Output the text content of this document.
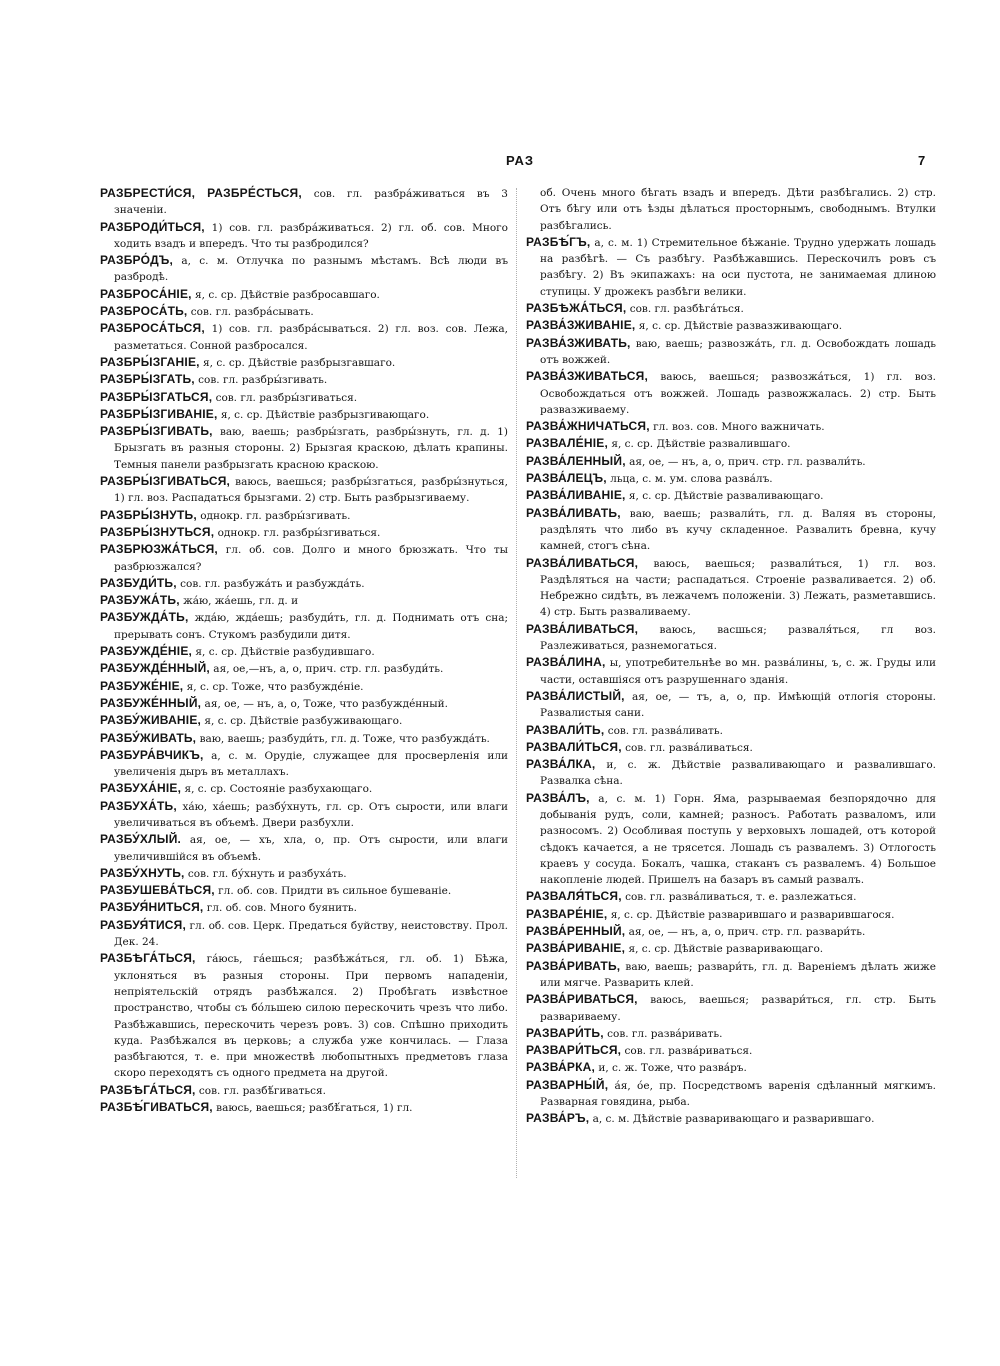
РАЗ	7

РАЗБРЕСТИ́СЯ, РАЗБРЕ́СТЬСЯ, сов. гл. разбра́живаться въ 3 значеніи.

РАЗБРОДИ́ТЬСЯ, 1) сов. гл. разбра́живаться. 2) гл. об. сов. Много ходить взадъ и впередъ. Что ты разбродился?

РАЗБРО́ДЪ, а, с. м. Отлучка по разнымъ мѣстамъ. Всѣ люди въ разбродѣ.

РАЗБРОСА́НІЕ, я, с. ср. Дѣйствіе разбросавшаго.

РАЗБРОСА́ТЬ, сов. гл. разбра́сывать.

РАЗБРОСА́ТЬСЯ, 1) сов. гл. разбра́сываться. 2) гл. воз. сов. Лежа, разметаться. Сонной разбросался.

РАЗБРЫ́ЗГАНІЕ, я, с. ср. Дѣйствіе разбрызгавшаго.

РАЗБРЫ́ЗГАТЬ, сов. гл. разбры́згивать.

РАЗБРЫ́ЗГАТЬСЯ, сов. гл. разбры́згиваться.

РАЗБРЫ́ЗГИВАНІЕ, я, с. ср. Дѣйствіе разбрызгивающаго.

РАЗБРЫ́ЗГИВАТЬ, ваю, ваешь; разбры́згать, разбры́знуть, гл. д. 1) Брызгать въ разныя стороны. 2) Брызгая краскою, дѣлать крапины. Темныя панели разбрызгать красною краскою.

РАЗБРЫ́ЗГИВАТЬСЯ, ваюсь, ваешься; разбры́згаться, разбры́знуться, 1) гл. воз. Распадаться брызгами. 2) стр. Быть разбрызгиваему.

РАЗБРЫ́ЗНУТЬ, однокр. гл. разбры́згивать.

РАЗБРЫ́ЗНУТЬСЯ, однокр. гл. разбры́згиваться.

РАЗБРЮЗЖА́ТЬСЯ, гл. об. сов. Долго и много брюзжать. Что ты разбрюзжался?

РАЗБУДИ́ТЬ, сов. гл. разбужа́ть и разбужда́ть.

РАЗБУЖА́ТЬ, жа́ю, жа́ешь, гл. д. и

РАЗБУЖДА́ТЬ, жда́ю, жда́ешь; разбуди́ть, гл. д. Поднимать отъ сна; прерывать сонъ. Стукомъ разбудили дитя.

РАЗБУЖДЕ́НІЕ, я, с. ср. Дѣйствіе разбудившаго.

РАЗБУЖДЕ́ННЫЙ, ая, ое,—нъ, а, о, прич. стр. гл. разбуди́ть.

РАЗБУЖЕ́НІЕ, я, с. ср. Тоже, что разбужде́ніе.

РАЗБУЖЕ́ННЫЙ, ая, ое, — нъ, а, о, Тоже, что разбужде́нный.

РАЗБУ́ЖИВАНІЕ, я, с. ср. Дѣйствіе разбуживающаго.

РАЗБУ́ЖИВАТЬ, ваю, ваешь; разбуди́ть, гл. д. Тоже, что разбужда́ть.

РАЗБУРА́ВЧИКЪ, а, с. м. Орудіе, служащее для просверленія или увеличенія дыръ въ металлахъ.

РАЗБУХА́НІЕ, я, с. ср. Состояніе разбухающаго.

РАЗБУХА́ТЬ, ха́ю, ха́ешь; разбу́хнуть, гл. ср. Отъ сырости, или влаги увеличиваться въ объемѣ. Двери разбухли.

РАЗБУ́ХЛЫЙ. ая, ое, — хъ, хла, о, пр. Отъ сырости, или влаги увеличившійся въ объемѣ.

РАЗБУ́ХНУТЬ, сов. гл. бу́хнуть и разбуха́ть.

РАЗБУШЕВА́ТЬСЯ, гл. об. сов. Придти въ сильное бушеваніе.

РАЗБУЯ́НИТЬСЯ, гл. об. сов. Много буянить.

РАЗБУЯ́ТИСЯ, гл. об. сов. Церк. Предаться буйству, неистовству. Прол. Дек. 24.

РАЗБѢГА́ТЬСЯ, га́юсь, га́ешься; разбѣжа́ться, гл. об. 1) Бѣжа, уклоняться въ разныя стороны. При первомъ нападеніи, непріятельскій отрядъ разбѣжался. 2) Пробѣгать извѣстное пространство, чтобы съ бо́льшею силою перескочить чрезъ что либо. Разбѣжавшись, перескочить черезъ ровъ. 3) сов. Спѣшно приходить куда. Разбѣжался въ церковь; а служба уже кончилась. — Глаза разбѣгаются, т. е. при множествѣ любопытныхъ предметовъ глаза скоро переходятъ съ одного предмета на другой.

РАЗБѢГА́ТЬСЯ, сов. гл. разбѣ́гиваться.

РАЗБѢ́ГИВАТЬСЯ, ваюсь, ваешься; разбѣ́гаться, 1) гл.

об. Очень много бѣгать взадъ и впередъ. Дѣти разбѣгались. 2) стр. Отъ бѣгу или отъ ѣзды дѣлаться просторнымъ, свободнымъ. Втулки разбѣгались.

РАЗБѢ́ГЪ, а, с. м. 1) Стремительное бѣжаніе. Трудно удержать лошадь на разбѣгѣ. — Съ разбѣгу. Разбѣжавшись. Перескочилъ ровъ съ разбѣгу. 2) Въ экипажахъ: на оси пустота, не занимаемая длиною ступицы. У дрожекъ разбѣги велики.

РАЗБѢЖА́ТЬСЯ, сов. гл. разбѣга́ться.

РАЗВА́ЗЖИВАНІЕ, я, с. ср. Дѣйствіе развазживающаго.

РАЗВА́ЗЖИВАТЬ, ваю, ваешь; развозжа́ть, гл. д. Освобождать лошадь отъ вожжей.

РАЗВА́ЗЖИВАТЬСЯ, ваюсь, ваешься; развозжа́ться, 1) гл. воз. Освобождаться отъ вожжей. Лошадь развожжалась. 2) стр. Быть развазживаему.

РАЗВА́ЖНИЧАТЬСЯ, гл. воз. сов. Много важничать.

РАЗВАЛЕ́НІЕ, я, с. ср. Дѣйствіе развалившаго.

РАЗВА́ЛЕННЫЙ, ая, ое, — нъ, а, о, прич. стр. гл. развали́ть.

РАЗВА́ЛЕЦЪ, льца, с. м. ум. слова разва́лъ.

РАЗВА́ЛИВАНІЕ, я, с. ср. Дѣйствіе разваливающаго.

РАЗВА́ЛИВАТЬ, ваю, ваешь; развали́ть, гл. д. Валяя въ стороны, раздѣлять что либо въ кучу складенное. Развалить бревна, кучу камней, стогъ сѣна.

РАЗВА́ЛИВАТЬСЯ, ваюсь, ваешься; развали́ться, 1) гл. воз. Раздѣляться на части; распадаться. Строеніе разваливается. 2) об. Небрежно сидѣть, въ лежачемъ положеніи. 3) Лежать, разметавшись. 4) стр. Быть разваливаему.

РАЗВА́ЛИВАТЬСЯ, ваюсь, васшься; разваля́ться, гл воз. Разлеживаться, разнемогаться.

РАЗВА́ЛИНА, ы, употребительнѣе во мн. разва́лины, ъ, с. ж. Груды или части, оставшіяся отъ разрушеннаго зданія.

РАЗВА́ЛИСТЫЙ, ая, ое, — тъ, а, о, пр. Имѣющій отлогія стороны. Развалистыя сани.

РАЗВАЛИ́ТЬ, сов. гл. разва́ливать.

РАЗВАЛИ́ТЬСЯ, сов. гл. разва́ливаться.

РАЗВА́ЛКА, и, с. ж. Дѣйствіе разваливающаго и развалившаго. Развалка сѣна.

РАЗВА́ЛЪ, а, с. м. 1) Горн. Яма, разрываемая безпорядочно для добыванія рудъ, соли, камней; разносъ. Работать разваломъ, или разносомъ. 2) Особливая поступь у верховыхъ лошадей, отъ которой сѣдокъ качается, а не трясется. Лошадь съ развалемъ. 3) Отлогость краевъ у сосуда. Бокалъ, чашка, стаканъ съ развалемъ. 4) Большое накопленіе людей. Пришелъ на базаръ въ самый развалъ.

РАЗВАЛЯ́ТЬСЯ, сов. гл. разва́ливаться, т. е. разлежаться.

РАЗВАРЕ́НІЕ, я, с. ср. Дѣйствіе разварившаго и разварившагося.

РАЗВА́РЕННЫЙ, ая, ое, — нъ, а, о, прич. стр. гл. развари́ть.

РАЗВА́РИВАНІЕ, я, с. ср. Дѣйствіе разваривающаго.

РАЗВА́РИВАТЬ, ваю, ваешь; развари́ть, гл. д. Вареніемъ дѣлать жиже или мягче. Разварить клей.

РАЗВА́РИВАТЬСЯ, ваюсь, ваешься; развари́ться, гл. стр. Быть развариваему.

РАЗВАРИ́ТЬ, сов. гл. разва́ривать.

РАЗВАРИ́ТЬСЯ, сов. гл. разва́риваться.

РАЗВА́РКА, и, с. ж. Тоже, что разва́ръ.

РАЗВАРНЫ́Й, а́я, о́е, пр. Посредствомъ варенія сдѣланный мягкимъ. Разварная говядина, рыба.

РАЗВА́РЪ, а, с. м. Дѣйствіе разваривающаго и разварившаго.
